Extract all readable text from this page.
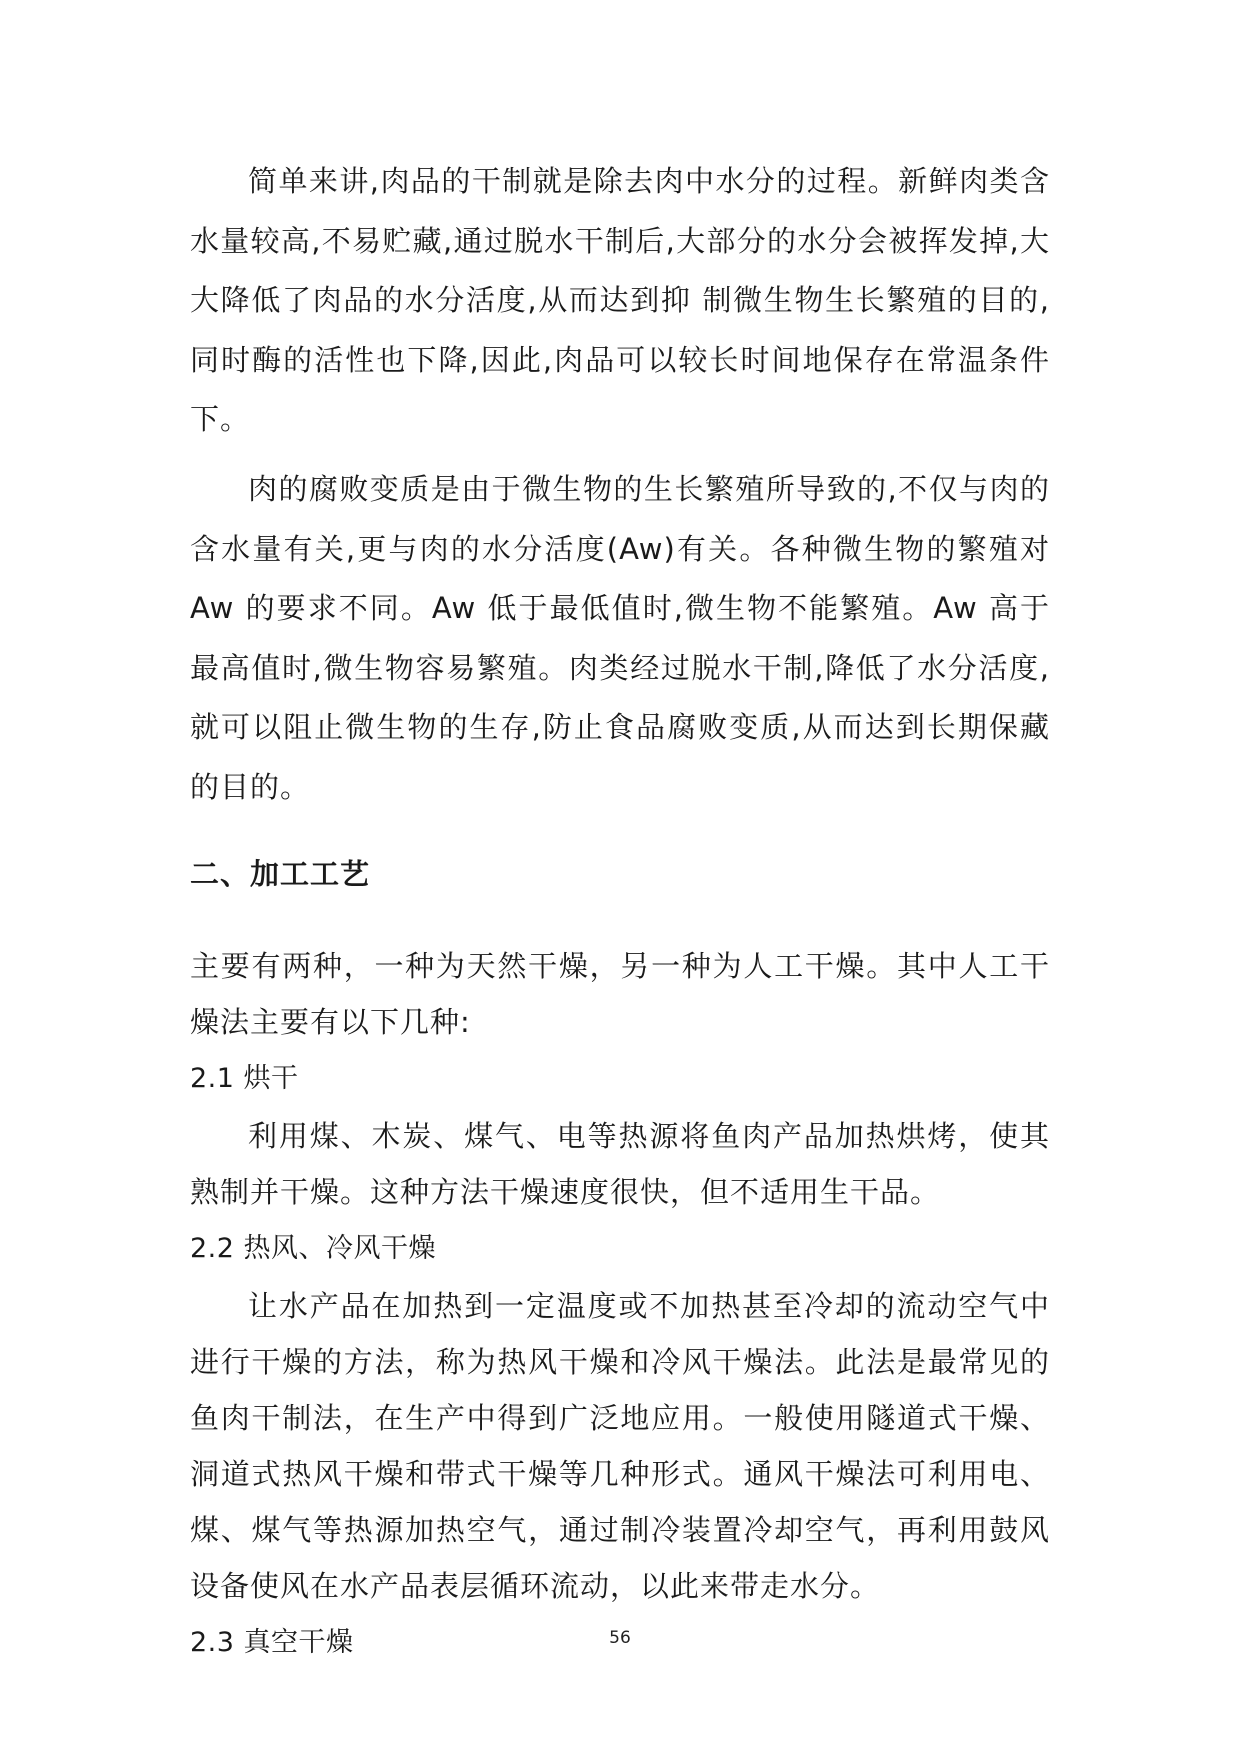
简单来讲,肉品的干制就是除去肉中水分的过程。新鲜肉类含水量较高,不易贮藏,通过脱水干制后,大部分的水分会被挥发掉,大大降低了肉品的水分活度,从而达到抑 制微生物生长繁殖的目的,同时酶的活性也下降,因此,肉品可以较长时间地保存在常温条件下。

肉的腐败变质是由于微生物的生长繁殖所导致的,不仅与肉的含水量有关,更与肉的水分活度(Aw)有关。各种微生物的繁殖对 Aw 的要求不同。Aw 低于最低值时,微生物不能繁殖。Aw 高于最高值时,微生物容易繁殖。肉类经过脱水干制,降低了水分活度,就可以阻止微生物的生存,防止食品腐败变质,从而达到长期保藏的目的。

二、加工工艺

主要有两种，一种为天然干燥，另一种为人工干燥。其中人工干燥法主要有以下几种:

2.1 烘干

利用煤、木炭、煤气、电等热源将鱼肉产品加热烘烤，使其熟制并干燥。这种方法干燥速度很快，但不适用生干品。

2.2 热风、冷风干燥

让水产品在加热到一定温度或不加热甚至冷却的流动空气中进行干燥的方法，称为热风干燥和冷风干燥法。此法是最常见的鱼肉干制法，在生产中得到广泛地应用。一般使用隧道式干燥、洞道式热风干燥和带式干燥等几种形式。通风干燥法可利用电、煤、煤气等热源加热空气，通过制冷装置冷却空气，再利用鼓风设备使风在水产品表层循环流动，以此来带走水分。

2.3 真空干燥	56
